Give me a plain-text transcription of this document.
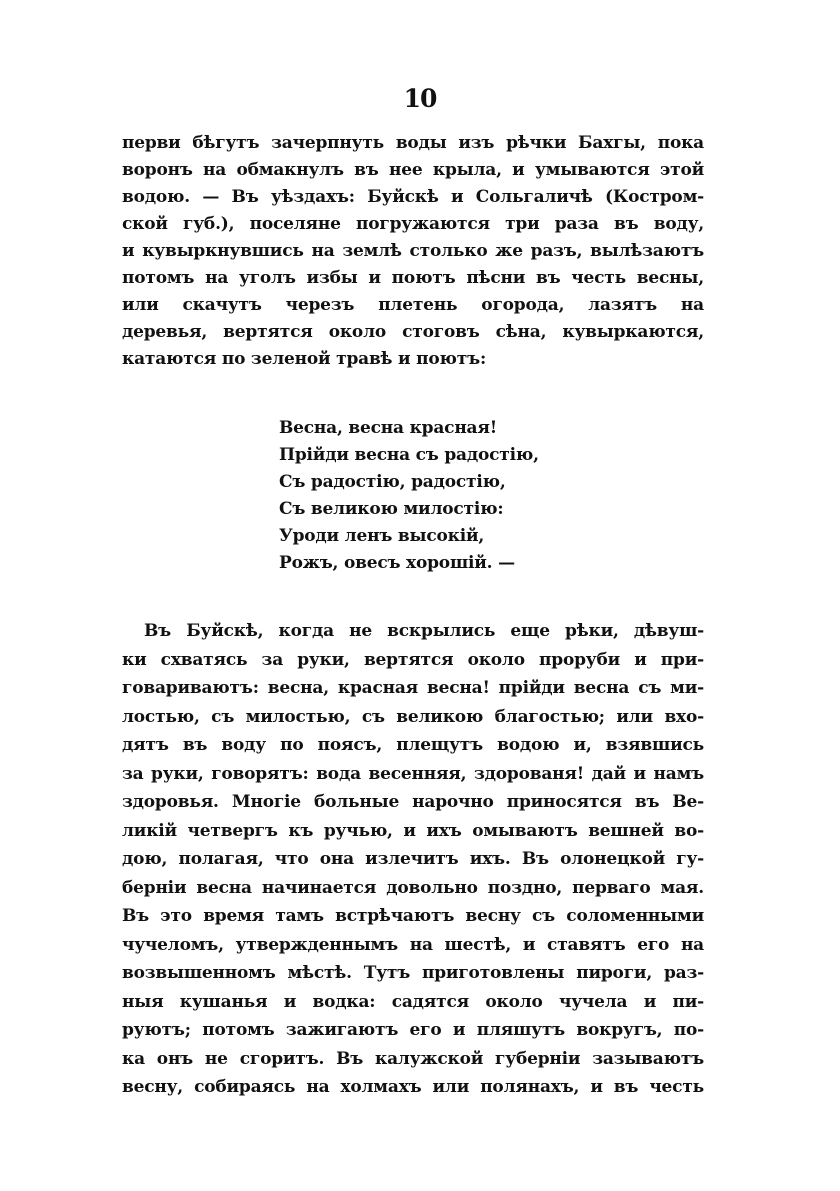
10
перви бѣгутъ зачерпнуть воды изъ рѣчки Бахгы, пока
воронъ на обмакнулъ въ нее крыла, и умываются этой
водою. — Въ уѣздахъ: Буйскѣ и Сольгаличѣ (Костром-
ской губ.), поселяне погружаются три раза въ воду,
и кувыркнувшись на землѣ столько же разъ, вылѣзаютъ
потомъ на уголъ избы и поютъ пѣсни въ честь весны,
или скачутъ черезъ плетень огорода, лазятъ на
деревья, вертятся около стоговъ сѣна, кувыркаются,
катаются по зеленой травѣ и поютъ:
Весна, весна красная!
Прійди весна съ радостію,
Съ радостію, радостію,
Съ великою милостію:
Уроди ленъ высокій,
Рожъ, овесъ хорошій. —
Въ Буйскѣ, когда не вскрылись еще рѣки, дѣвуш-
ки схватясь за руки, вертятся около проруби и при-
говариваютъ: весна, красная весна! прійди весна съ ми-
лостью, съ милостью, съ великою благостью; или вхо-
дятъ въ воду по поясъ, плещутъ водою и, взявшись
за руки, говорятъ: вода весенняя, здорованя! дай и намъ
здоровья. Многіе больные нарочно приносятся въ Ве-
ликій четвергъ къ ручью, и ихъ омываютъ вешней во-
дою, полагая, что она излечитъ ихъ. Въ олонецкой гу-
берніи весна начинается довольно поздно, перваго мая.
Въ это время тамъ встрѣчаютъ весну съ соломенными
чучеломъ, утвержденнымъ на шестѣ, и ставятъ его на
возвышенномъ мѣстѣ. Тутъ приготовлены пироги, раз-
ныя кушанья и водка: садятся около чучела и пи-
руютъ; потомъ зажигаютъ его и пляшутъ вокругъ, по-
ка онъ не сгоритъ. Въ калужской губерніи зазываютъ
весну, собираясь на холмахъ или полянахъ, и въ честь
